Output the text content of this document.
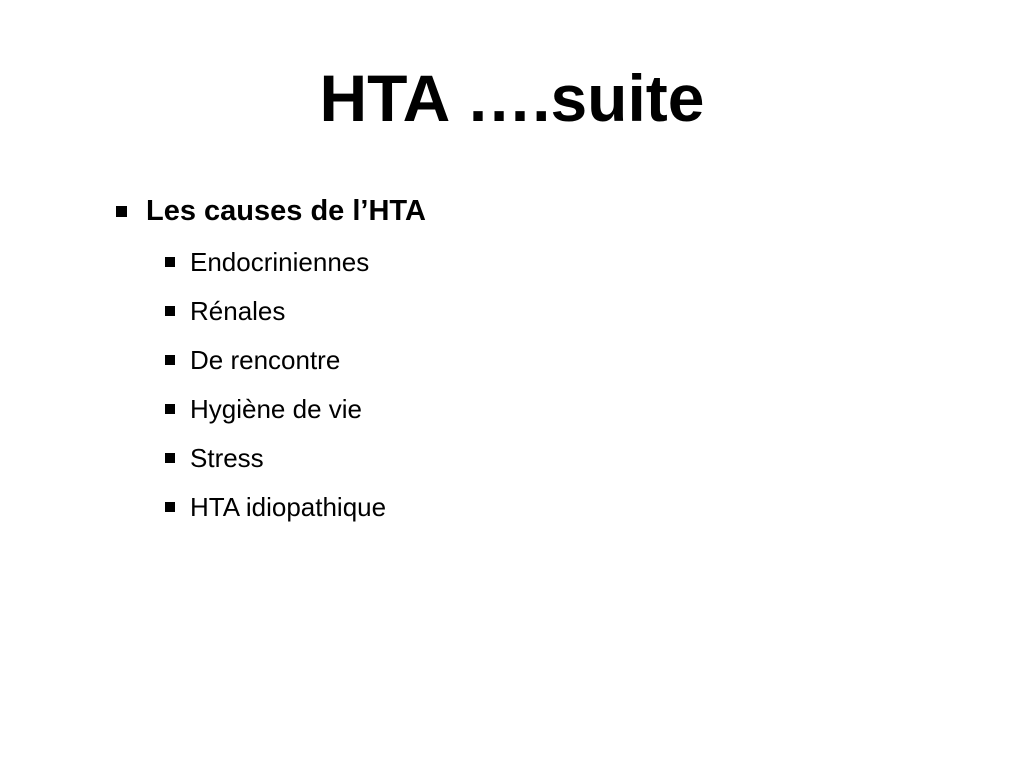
HTA ….suite
Les causes de l’HTA
Endocriniennes
Rénales
De rencontre
Hygiène de vie
Stress
HTA idiopathique
